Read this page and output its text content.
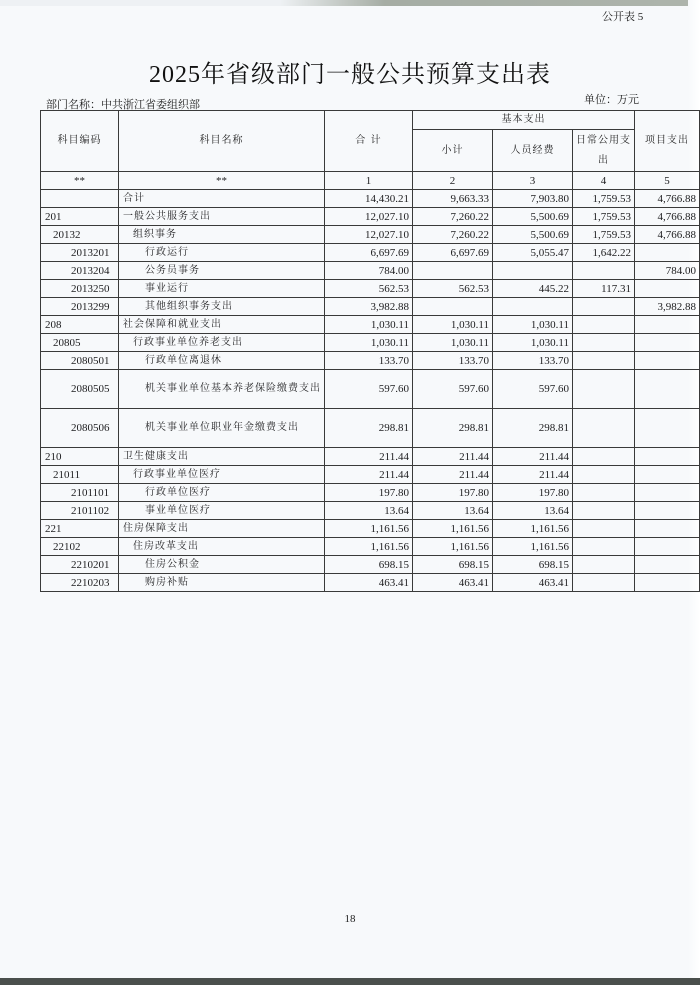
公开表 5
2025年省级部门一般公共预算支出表
部门名称：中共浙江省委组织部	单位：万元
科目编码	科目名称	合 计	基本支出			项目支出
			小计	人员经费	日常公用支出	
**	**	1	2	3	4	5
	合计	14,430.21	9,663.33	7,903.80	1,759.53	4,766.88
201	一般公共服务支出	12,027.10	7,260.22	5,500.69	1,759.53	4,766.88
20132	组织事务	12,027.10	7,260.22	5,500.69	1,759.53	4,766.88
2013201	行政运行	6,697.69	6,697.69	5,055.47	1,642.22	
2013204	公务员事务	784.00				784.00
2013250	事业运行	562.53	562.53	445.22	117.31	
2013299	其他组织事务支出	3,982.88				3,982.88
208	社会保障和就业支出	1,030.11	1,030.11	1,030.11		
20805	行政事业单位养老支出	1,030.11	1,030.11	1,030.11		
2080501	行政单位离退休	133.70	133.70	133.70		
2080505	机关事业单位基本养老保险缴费支出	597.60	597.60	597.60		
2080506	机关事业单位职业年金缴费支出	298.81	298.81	298.81		
210	卫生健康支出	211.44	211.44	211.44		
21011	行政事业单位医疗	211.44	211.44	211.44		
2101101	行政单位医疗	197.80	197.80	197.80		
2101102	事业单位医疗	13.64	13.64	13.64		
221	住房保障支出	1,161.56	1,161.56	1,161.56		
22102	住房改革支出	1,161.56	1,161.56	1,161.56		
2210201	住房公积金	698.15	698.15	698.15		
2210203	购房补贴	463.41	463.41	463.41		
18
